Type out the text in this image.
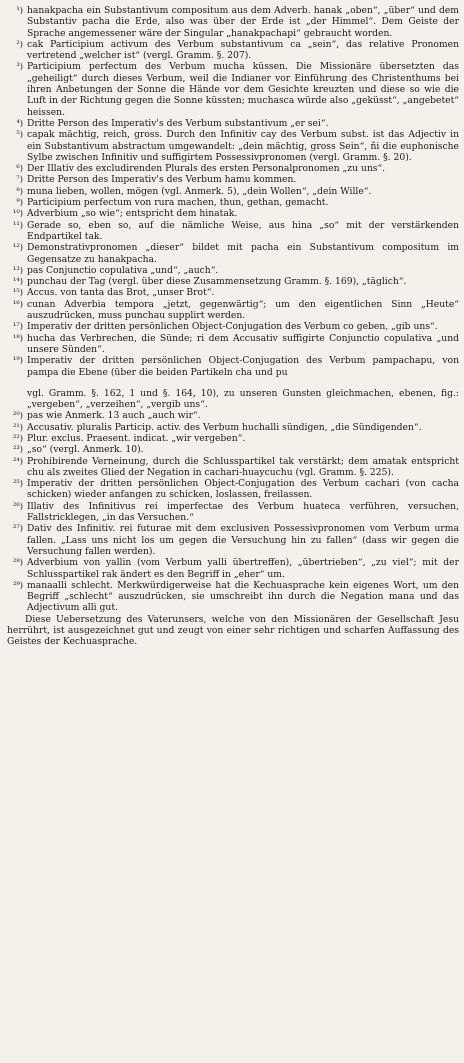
¹) hanakpacha ein Substantivum compositum aus dem Adverb. hanak „oben“, „über“ und dem Substantiv pacha die Erde, also was über der Erde ist „der Himmel“. Dem Geiste der Sprache angemessener wäre der Singular „hanakpachapi“ gebraucht worden.

²) cak Participium activum des Verbum substantivum ca „sein“, das relative Pronomen vertretend „welcher ist“ (vergl. Gramm. §. 207).

³) Participium perfectum des Verbum mucha küssen. Die Missionäre übersetzten das „geheiligt“ durch dieses Verbum, weil die Indianer vor Einführung des Christenthums bei ihren Anbetungen der Sonne die Hände vor dem Gesichte kreuzten und diese so wie die Luft in der Richtung gegen die Sonne küssten; muchasca würde also „geküsst“, „angebetet“ heissen.

⁴) Dritte Person des Imperativ's des Verbum substantivum „er sei“.

⁵) capak mächtig, reich, gross. Durch den Infinitiv cay des Verbum subst. ist das Adjectiv in ein Substantivum abstractum umgewandelt: „dein mächtig, gross Sein“, ñi die euphonische Sylbe zwischen Infinitiv und suffigirtem Possessivpronomen (vergl. Gramm. §. 20).

⁶) Der Illativ des excludirenden Plurals des ersten Personalpronomen „zu uns“.

⁷) Dritte Person des Imperativ's des Verbum hamu kommen.

⁸) muna lieben, wollen, mögen (vgl. Anmerk. 5), „dein Wollen“, „dein Wille“.

⁹) Participium perfectum von rura machen, thun, gethan, gemacht.

¹⁰) Adverbium „so wie“; entspricht dem hinatak.

¹¹) Gerade so, eben so, auf die nämliche Weise, aus hina „so“ mit der verstärkenden Endpartikel tak.

¹²) Demonstrativpronomen „dieser“ bildet mit pacha ein Substantivum compositum im Gegensatze zu hanakpacha.

¹³) pas Conjunctio copulativa „und“, „auch“.

¹⁴) punchau der Tag (vergl. über diese Zusammensetzung Gramm. §. 169), „täglich“.

¹⁵) Accus. von tanta das Brot, „unser Brot“.

¹⁶) cunan Adverbia tempora „jetzt, gegenwärtig“; um den eigentlichen Sinn „Heute“ auszudrücken, muss punchau supplirt werden.

¹⁷) Imperativ der dritten persönlichen Object-Conjugation des Verbum co geben, „gib uns“.

¹⁸) hucha das Verbrechen, die Sünde; ri dem Accusativ suffigirte Conjunctio copulativa „und unsere Sünden“.

¹⁹) Imperativ der dritten persönlichen Object-Conjugation des Verbum pampachapu, von pampa die Ebene (über die beiden Partikeln cha und pu

vgl. Gramm. §. 162, 1 und §. 164, 10), zu unseren Gunsten gleichmachen, ebenen, fig.: „vergeben“, „verzeihen“, „vergib uns“.

²⁰) pas wie Anmerk. 13 auch „auch wir“.

²¹) Accusativ. pluralis Particip. activ. des Verbum huchalli sündigen, „die Sündigenden“.

²²) Plur. exclus. Praesent. indicat. „wir vergeben“.

²³) „so“ (vergl. Anmerk. 10).

²⁴) Prohibirende Verneinung, durch die Schlusspartikel tak verstärkt; dem amatak entspricht chu als zweites Glied der Negation in cachari-huaycuchu (vgl. Gramm. §. 225).

²⁵) Imperativ der dritten persönlichen Object-Conjugation des Verbum cachari (von cacha schicken) wieder anfangen zu schicken, loslassen, freilassen.

²⁶) Illativ des Infinitivus rei imperfectae des Verbum huateca verführen, versuchen, Fallstricklegen, „in das Versuchen.“

²⁷) Dativ des Infinitiv. rei futurae mit dem exclusiven Possessivpronomen vom Verbum urma fallen. „Lass uns nicht los um gegen die Versuchung hin zu fallen“ (dass wir gegen die Versuchung fallen werden).

²⁸) Adverbium von yallin (vom Verbum yalli übertreffen), „übertrieben“, „zu viel“; mit der Schlusspartikel rak ändert es den Begriff in „eher“ um.

²⁹) manaalli schlecht. Merkwürdigerweise hat die Kechuasprache kein eigenes Wort, um den Begriff „schlecht“ auszudrücken, sie umschreibt ihn durch die Negation mana und das Adjectivum alli gut.

Diese Uebersetzung des Vaterunsers, welche von den Missionären der Gesellschaft Jesu herrührt, ist ausgezeichnet gut und zeugt von einer sehr richtigen und scharfen Auffassung des Geistes der Kechuasprache.
